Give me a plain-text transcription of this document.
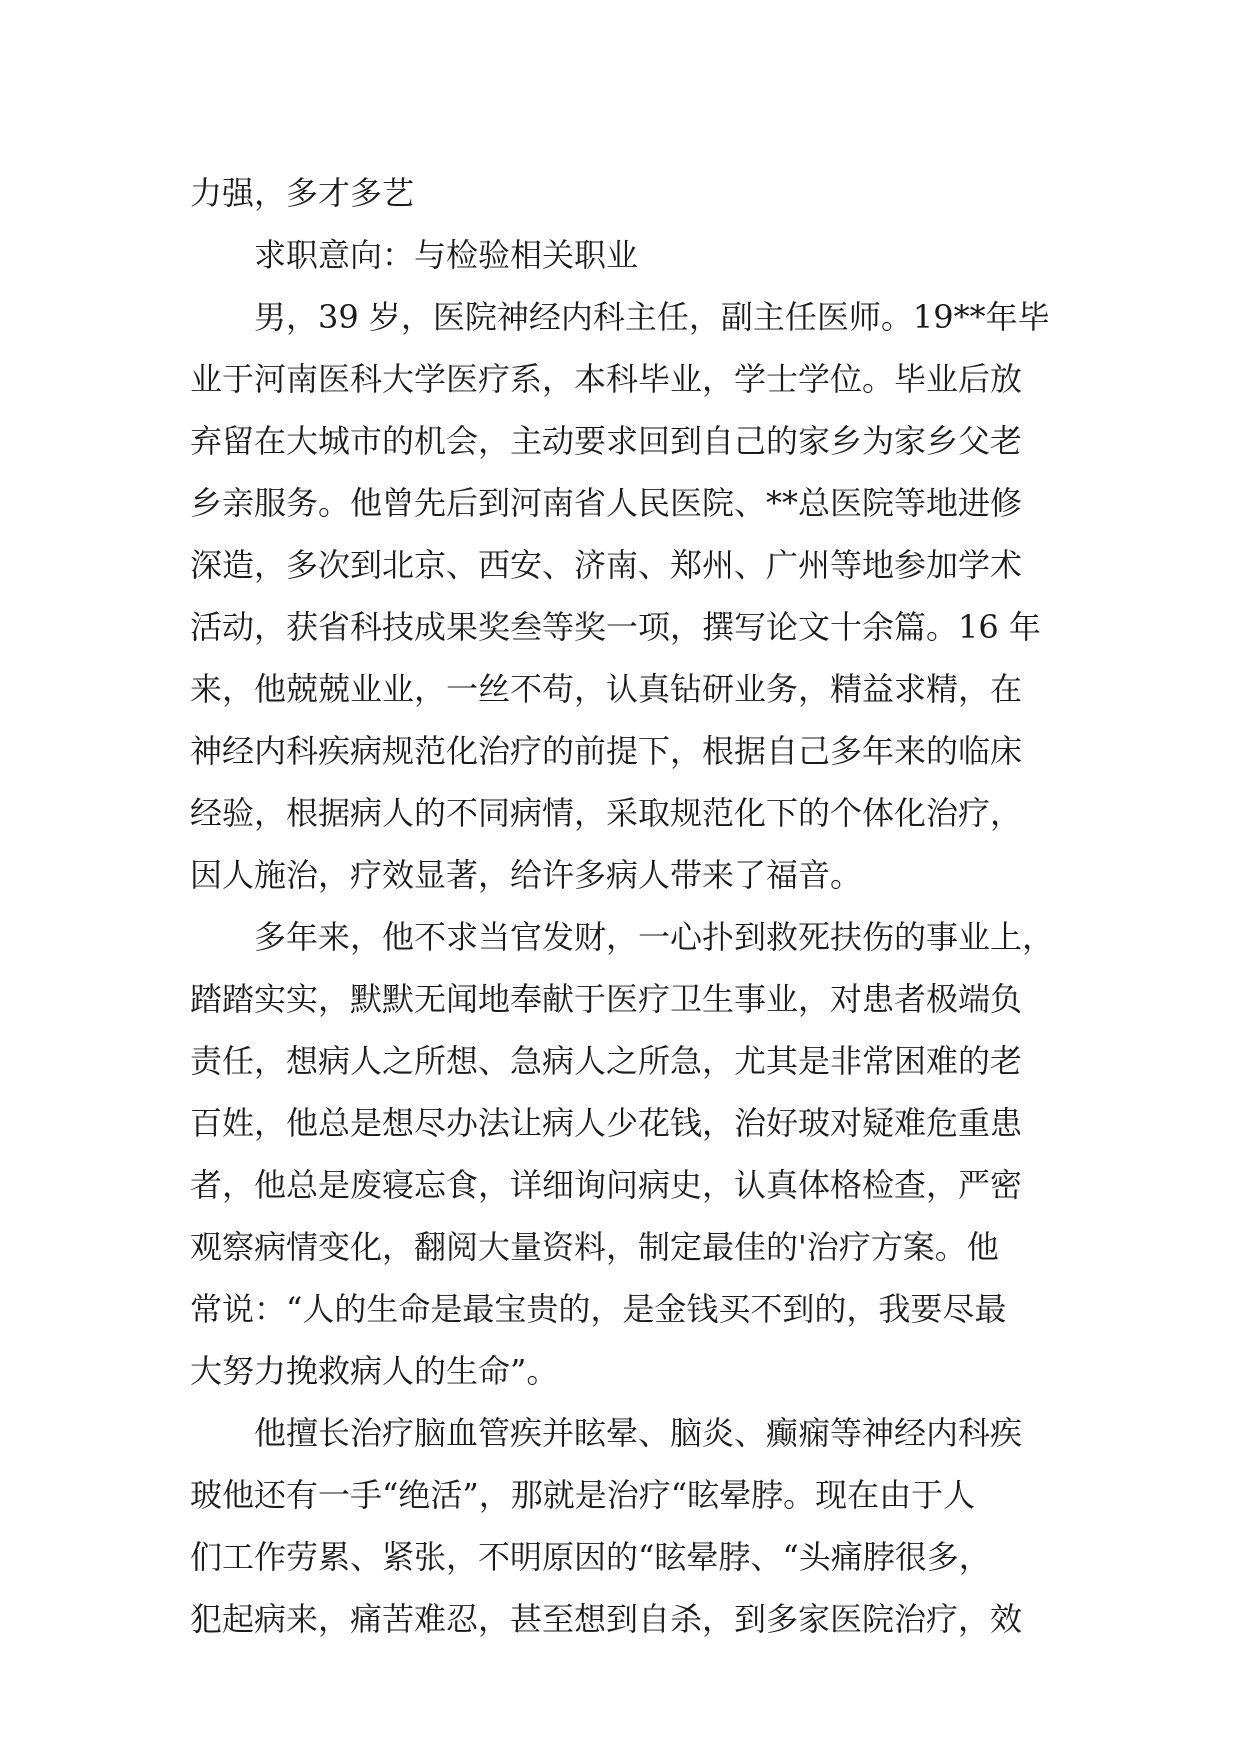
力强，多才多艺
求职意向：与检验相关职业
男，39 岁，医院神经内科主任，副主任医师。19**年毕
业于河南医科大学医疗系，本科毕业，学士学位。毕业后放
弃留在大城市的机会，主动要求回到自己的家乡为家乡父老
乡亲服务。他曾先后到河南省人民医院、**总医院等地进修
深造，多次到北京、西安、济南、郑州、广州等地参加学术
活动，获省科技成果奖叁等奖一项，撰写论文十余篇。16 年
来，他兢兢业业，一丝不苟，认真钻研业务，精益求精，在
神经内科疾病规范化治疗的前提下，根据自己多年来的临床
经验，根据病人的不同病情，采取规范化下的个体化治疗，
因人施治，疗效显著，给许多病人带来了福音。
多年来，他不求当官发财，一心扑到救死扶伤的事业上，
踏踏实实，默默无闻地奉献于医疗卫生事业，对患者极端负
责任，想病人之所想、急病人之所急，尤其是非常困难的老
百姓，他总是想尽办法让病人少花钱，治好玻对疑难危重患
者，他总是废寝忘食，详细询问病史，认真体格检查，严密
观察病情变化，翻阅大量资料，制定最佳的'治疗方案。他
常说：“人的生命是最宝贵的，是金钱买不到的，我要尽最
大努力挽救病人的生命”。
他擅长治疗脑血管疾并眩晕、脑炎、癫痫等神经内科疾
玻他还有一手“绝活”，那就是治疗“眩晕脖。现在由于人
们工作劳累、紧张，不明原因的“眩晕脖、“头痛脖很多，
犯起病来，痛苦难忍，甚至想到自杀，到多家医院治疗，效
